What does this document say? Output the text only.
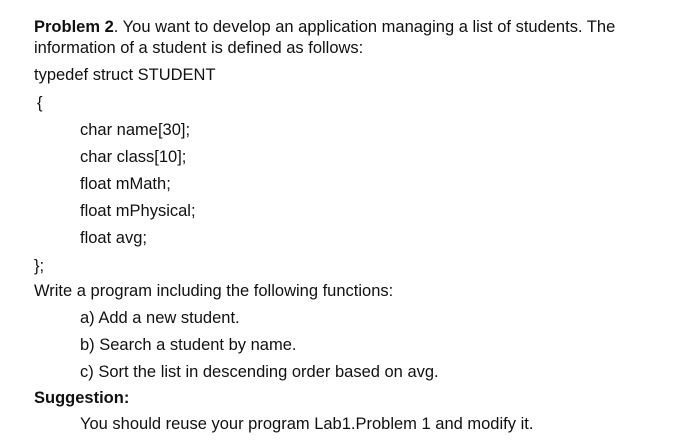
Problem 2. You want to develop an application managing a list of students. The
information of a student is defined as follows:
typedef struct STUDENT
{
char name[30];
char class[10];
float mMath;
float mPhysical;
float avg;
};
Write a program including the following functions:
a) Add a new student.
b) Search a student by name.
c) Sort the list in descending order based on avg.
Suggestion:
You should reuse your program Lab1.Problem 1 and modify it.
